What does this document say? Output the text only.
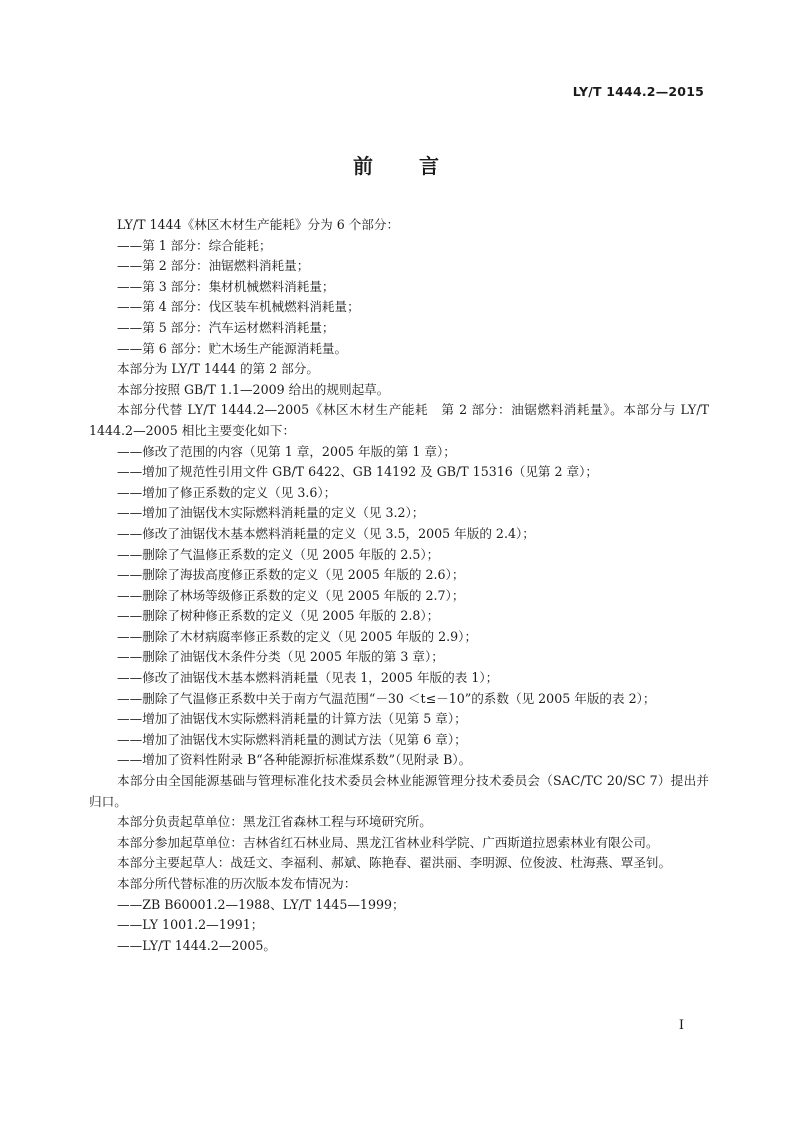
LY/T 1444.2—2015
前 言

LY/T 1444《林区木材生产能耗》分为 6 个部分：

——第 1 部分：综合能耗；

——第 2 部分：油锯燃料消耗量；

——第 3 部分：集材机械燃料消耗量；

——第 4 部分：伐区装车机械燃料消耗量；

——第 5 部分：汽车运材燃料消耗量；

——第 6 部分：贮木场生产能源消耗量。

本部分为 LY/T 1444 的第 2 部分。

本部分按照 GB/T 1.1—2009 给出的规则起草。

本部分代替 LY/T 1444.2—2005《林区木材生产能耗　第 2 部分：油锯燃料消耗量》。本部分与 LY/T 1444.2—2005 相比主要变化如下：

——修改了范围的内容（见第 1 章，2005 年版的第 1 章）；

——增加了规范性引用文件 GB/T 6422、GB 14192 及 GB/T 15316（见第 2 章）；

——增加了修正系数的定义（见 3.6）；

——增加了油锯伐木实际燃料消耗量的定义（见 3.2）；

——修改了油锯伐木基本燃料消耗量的定义（见 3.5，2005 年版的 2.4）；

——删除了气温修正系数的定义（见 2005 年版的 2.5）；

——删除了海拔高度修正系数的定义（见 2005 年版的 2.6）；

——删除了林场等级修正系数的定义（见 2005 年版的 2.7）；

——删除了树种修正系数的定义（见 2005 年版的 2.8）；

——删除了木材病腐率修正系数的定义（见 2005 年版的 2.9）；

——删除了油锯伐木条件分类（见 2005 年版的第 3 章）；

——修改了油锯伐木基本燃料消耗量（见表 1，2005 年版的表 1）；

——删除了气温修正系数中关于南方气温范围“－30 ＜t≤－10”的系数（见 2005 年版的表 2）；

——增加了油锯伐木实际燃料消耗量的计算方法（见第 5 章）；

——增加了油锯伐木实际燃料消耗量的测试方法（见第 6 章）；

——增加了资料性附录 B“各种能源折标准煤系数”（见附录 B）。

本部分由全国能源基础与管理标准化技术委员会林业能源管理分技术委员会（SAC/TC 20/SC 7）提出并归口。

本部分负责起草单位：黑龙江省森林工程与环境研究所。

本部分参加起草单位：吉林省红石林业局、黑龙江省林业科学院、广西斯道拉恩索林业有限公司。

本部分主要起草人：战廷文、李福利、郝斌、陈艳春、翟洪丽、李明源、位俊波、杜海燕、覃圣钊。

本部分所代替标准的历次版本发布情况为：

——ZB B60001.2—1988、LY/T 1445—1999；

——LY 1001.2—1991；

——LY/T 1444.2—2005。

I
